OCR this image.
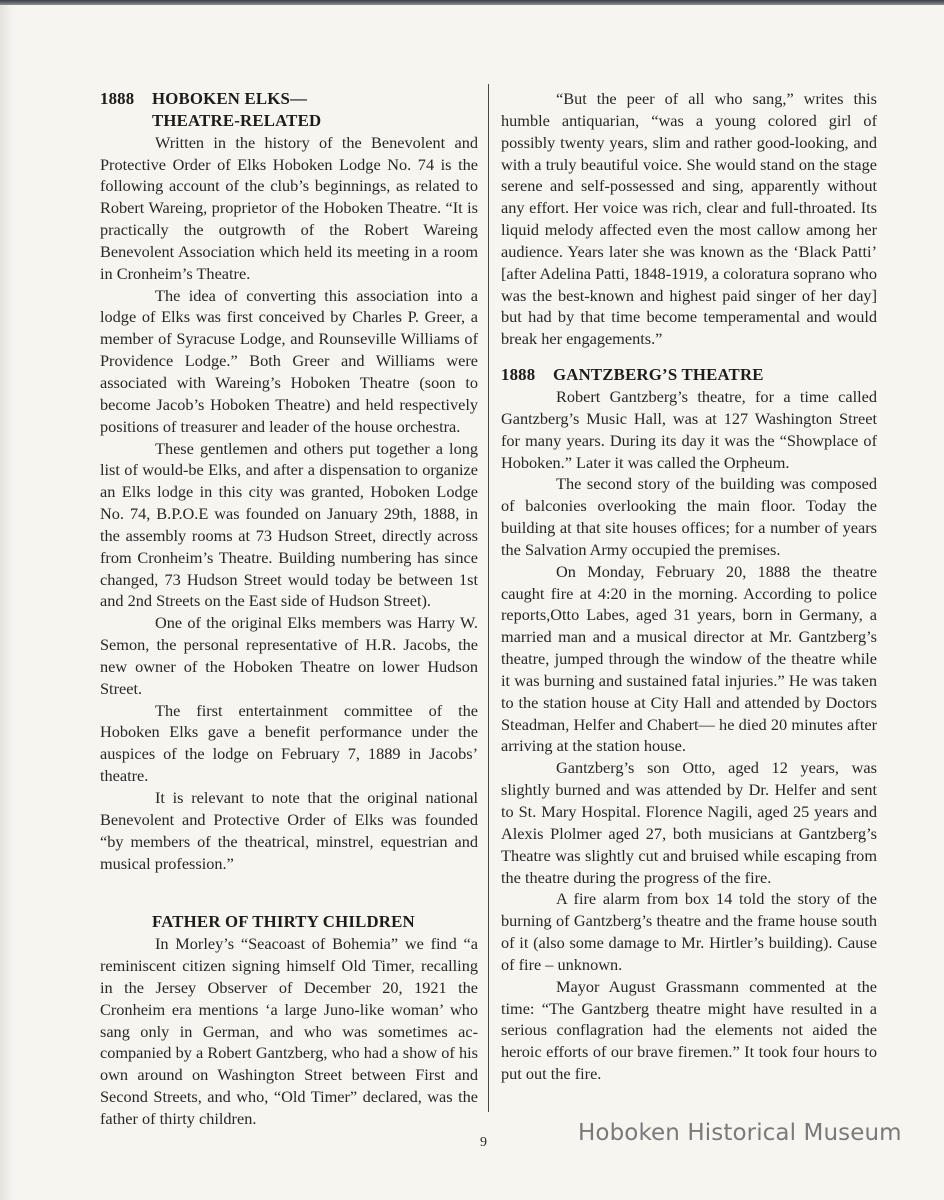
1888 HOBOKEN ELKS—
THEATRE-RELATED

Written in the history of the Benevolent and Protective Order of Elks Hoboken Lodge No. 74 is the following account of the club’s beginnings, as related to Robert Wareing, proprietor of the Hoboken Theatre. “It is practically the outgrowth of the Robert Wareing Benevolent Association which held its meeting in a room in Cronheim’s Theatre.

The idea of converting this association into a lodge of Elks was first conceived by Charles P. Greer, a member of Syracuse Lodge, and Rounseville Williams of Providence Lodge.” Both Greer and Williams were associated with Wareing’s Hoboken Theatre (soon to become Jacob’s Hoboken Theatre) and held respectively positions of treasurer and leader of the house orchestra.

These gentlemen and others put together a long list of would-be Elks, and after a dispensation to organize an Elks lodge in this city was granted, Hoboken Lodge No. 74, B.P.O.E was founded on January 29th, 1888, in the assembly rooms at 73 Hudson Street, directly across from Cronheim’s Theatre. Building numbering has since changed, 73 Hudson Street would today be between 1st and 2nd Streets on the East side of Hudson Street).

One of the original Elks members was Harry W. Semon, the personal representative of H.R. Jacobs, the new owner of the Hoboken Theatre on lower Hudson Street.

The first entertainment committee of the Hoboken Elks gave a benefit performance under the auspices of the lodge on February 7, 1889 in Jacobs’ theatre.

It is relevant to note that the original national Benevolent and Protective Order of Elks was founded “by members of the theatrical, minstrel, equestrian and musical profession.”

FATHER OF THIRTY CHILDREN

In Morley’s “Seacoast of Bohemia” we find “a reminiscent citizen signing himself Old Timer, recalling in the Jersey Observer of December 20, 1921 the Cronheim era mentions ‘a large Juno-like woman’ who sang only in German, and who was sometimes accompanied by a Robert Gantzberg, who had a show of his own around on Washington Street between First and Second Streets, and who, “Old Timer” declared, was the father of thirty children.

“But the peer of all who sang,” writes this humble antiquarian, “was a young colored girl of possibly twenty years, slim and rather good-looking, and with a truly beautiful voice. She would stand on the stage serene and self-possessed and sing, apparently without any effort. Her voice was rich, clear and full-throated. Its liquid melody affected even the most callow among her audience. Years later she was known as the ‘Black Patti’ [after Adelina Patti, 1848-1919, a coloratura soprano who was the best-known and highest paid singer of her day] but had by that time become temperamental and would break her engagements.”

1888 GANTZBERG’S THEATRE

Robert Gantzberg’s theatre, for a time called Gantzberg’s Music Hall, was at 127 Washington Street for many years. During its day it was the “Showplace of Hoboken.” Later it was called the Orpheum.

The second story of the building was composed of balconies overlooking the main floor. Today the building at that site houses offices; for a number of years the Salvation Army occupied the premises.

On Monday, February 20, 1888 the theatre caught fire at 4:20 in the morning. According to police reports,Otto Labes, aged 31 years, born in Germany, a married man and a musical director at Mr. Gantzberg’s theatre, jumped through the window of the theatre while it was burning and sustained fatal injuries.” He was taken to the station house at City Hall and attended by Doctors Steadman, Helfer and Chabert— he died 20 minutes after arriving at the station house.

Gantzberg’s son Otto, aged 12 years, was slightly burned and was attended by Dr. Helfer and sent to St. Mary Hospital. Florence Nagili, aged 25 years and Alexis Plolmer aged 27, both musicians at Gantzberg’s Theatre was slightly cut and bruised while escaping from the theatre during the progress of the fire.

A fire alarm from box 14 told the story of the burning of Gantzberg’s theatre and the frame house south of it (also some damage to Mr. Hirtler’s building). Cause of fire – unknown.

Mayor August Grassmann commented at the time: “The Gantzberg theatre might have resulted in a serious conflagration had the elements not aided the heroic efforts of our brave firemen.” It took four hours to put out the fire.

9	Hoboken Historical Museum
